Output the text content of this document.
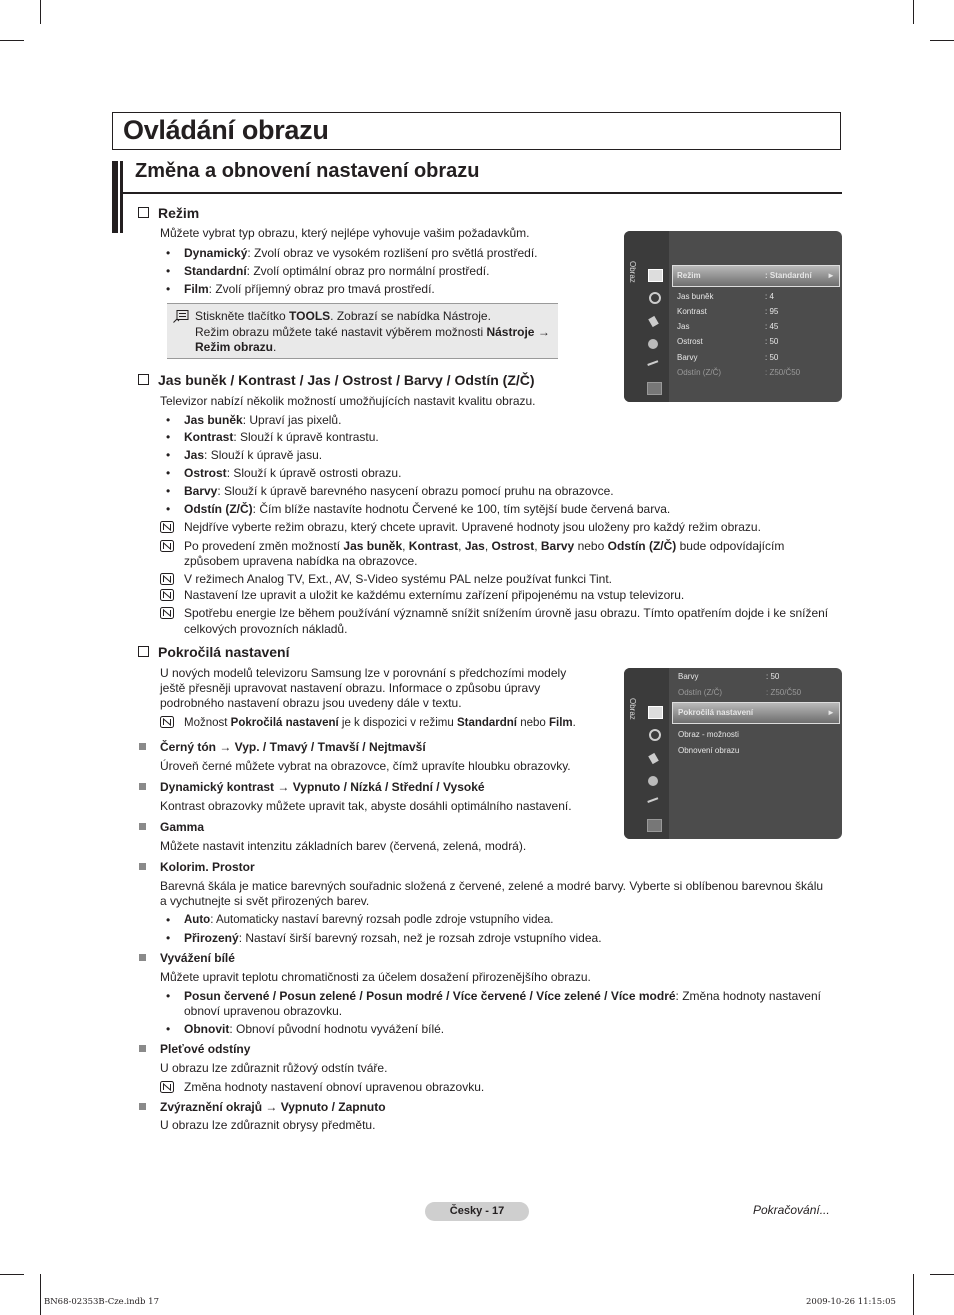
Ovládání obrazu
Změna a obnovení nastavení obrazu
Režim
Můžete vybrat typ obrazu, který nejlépe vyhovuje vašim požadavkům.
• Dynamický: Zvolí obraz ve vysokém rozlišení pro světlá prostředí.
• Standardní: Zvolí optimální obraz pro normální prostředí.
• Film: Zvolí příjemný obraz pro tmavá prostředí.
Stiskněte tlačítko TOOLS. Zobrazí se nabídka Nástroje.
Režim obrazu můžete také nastavit výběrem možnosti Nástroje →
Režim obrazu.
Obraz	Režim	: Standardní ►
Jas buněk	: 4
Kontrast	: 95
Jas	: 45
Ostrost	: 50
Barvy	: 50
Odstín (Z/Č)	: Z50/Č50
Jas buněk / Kontrast / Jas / Ostrost / Barvy / Odstín (Z/Č)
Televizor nabízí několik možností umožňujících nastavit kvalitu obrazu.
• Jas buněk: Upraví jas pixelů.
• Kontrast: Slouží k úpravě kontrastu.
• Jas: Slouží k úpravě jasu.
• Ostrost: Slouží k úpravě ostrosti obrazu.
• Barvy: Slouží k úpravě barevného nasycení obrazu pomocí pruhu na obrazovce.
• Odstín (Z/Č): Čím blíže nastavíte hodnotu Červené ke 100, tím sytější bude červená barva.
Nejdříve vyberte režim obrazu, který chcete upravit. Upravené hodnoty jsou uloženy pro každý režim obrazu.
Po provedení změn možností Jas buněk, Kontrast, Jas, Ostrost, Barvy nebo Odstín (Z/Č) bude odpovídajícím
způsobem upravena nabídka na obrazovce.
V režimech Analog TV, Ext., AV, S-Video systému PAL nelze používat funkci Tint.
Nastavení lze upravit a uložit ke každému externímu zařízení připojenému na vstup televizoru.
Spotřebu energie lze během používání významně snížit snížením úrovně jasu obrazu. Tímto opatřením dojde i ke snížení
celkových provozních nákladů.
Pokročilá nastavení
U nových modelů televizoru Samsung lze v porovnání s předchozími modely
ještě přesněji upravovat nastavení obrazu. Informace o způsobu úpravy
podrobného nastavení obrazu jsou uvedeny dále v textu.
Možnost Pokročilá nastavení je k dispozici v režimu Standardní nebo Film.
Obraz
Barvy	: 50
Odstín (Z/Č)	: Z50/Č50
Pokročilá nastavení	►
Obraz - možnosti
Obnovení obrazu
Černý tón → Vyp. / Tmavý / Tmavší / Nejtmavší
Úroveň černé můžete vybrat na obrazovce, čímž upravíte hloubku obrazovky.
Dynamický kontrast → Vypnuto / Nízká / Střední / Vysoké
Kontrast obrazovky můžete upravit tak, abyste dosáhli optimálního nastavení.
Gamma
Můžete nastavit intenzitu základních barev (červená, zelená, modrá).
Kolorim. Prostor
Barevná škála je matice barevných souřadnic složená z červené, zelené a modré barvy. Vyberte si oblíbenou barevnou škálu
a vychutnejte si svět přirozených barev.
• Auto: Automaticky nastaví barevný rozsah podle zdroje vstupního videa.
• Přirozený: Nastaví širší barevný rozsah, než je rozsah zdroje vstupního videa.
Vyvážení bílé
Můžete upravit teplotu chromatičnosti za účelem dosažení přirozenějšího obrazu.
• Posun červené / Posun zelené / Posun modré / Více červené / Více zelené / Více modré: Změna hodnoty nastavení
obnoví upravenou obrazovku.
• Obnovit: Obnoví původní hodnotu vyvážení bílé.
Pleťové odstíny
U obrazu lze zdůraznit růžový odstín tváře.
Změna hodnoty nastavení obnoví upravenou obrazovku.
Zvýraznění okrajů → Vypnuto / Zapnuto
U obrazu lze zdůraznit obrysy předmětu.
Česky - 17	Pokračování...
BN68-02353B-Cze.indb 17	2009-10-26 11:15:05
